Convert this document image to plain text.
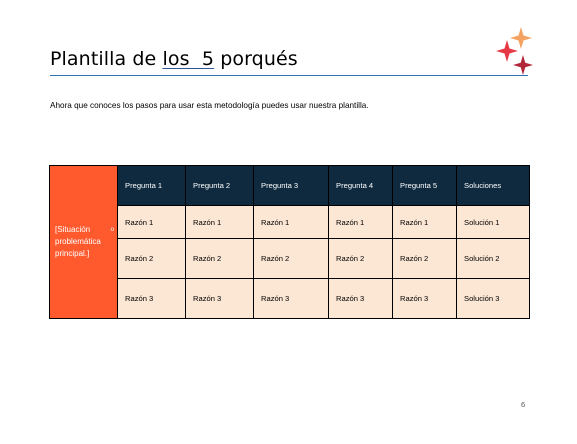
Plantilla de los  5 porqués
Ahora que conoces los pasos para usar esta metodología puedes usar nuestra plantilla.
[Situación problemática principal.]
o	Pregunta 1	Pregunta 2	Pregunta 3	Pregunta 4	Pregunta 5	Soluciones
	Razón 1	Razón 1	Razón 1	Razón 1	Razón 1	Solución 1
	Razón 2	Razón 2	Razón 2	Razón 2	Razón 2	Solución 2
	Razón 3	Razón 3	Razón 3	Razón 3	Razón 3	Solución 3
6
